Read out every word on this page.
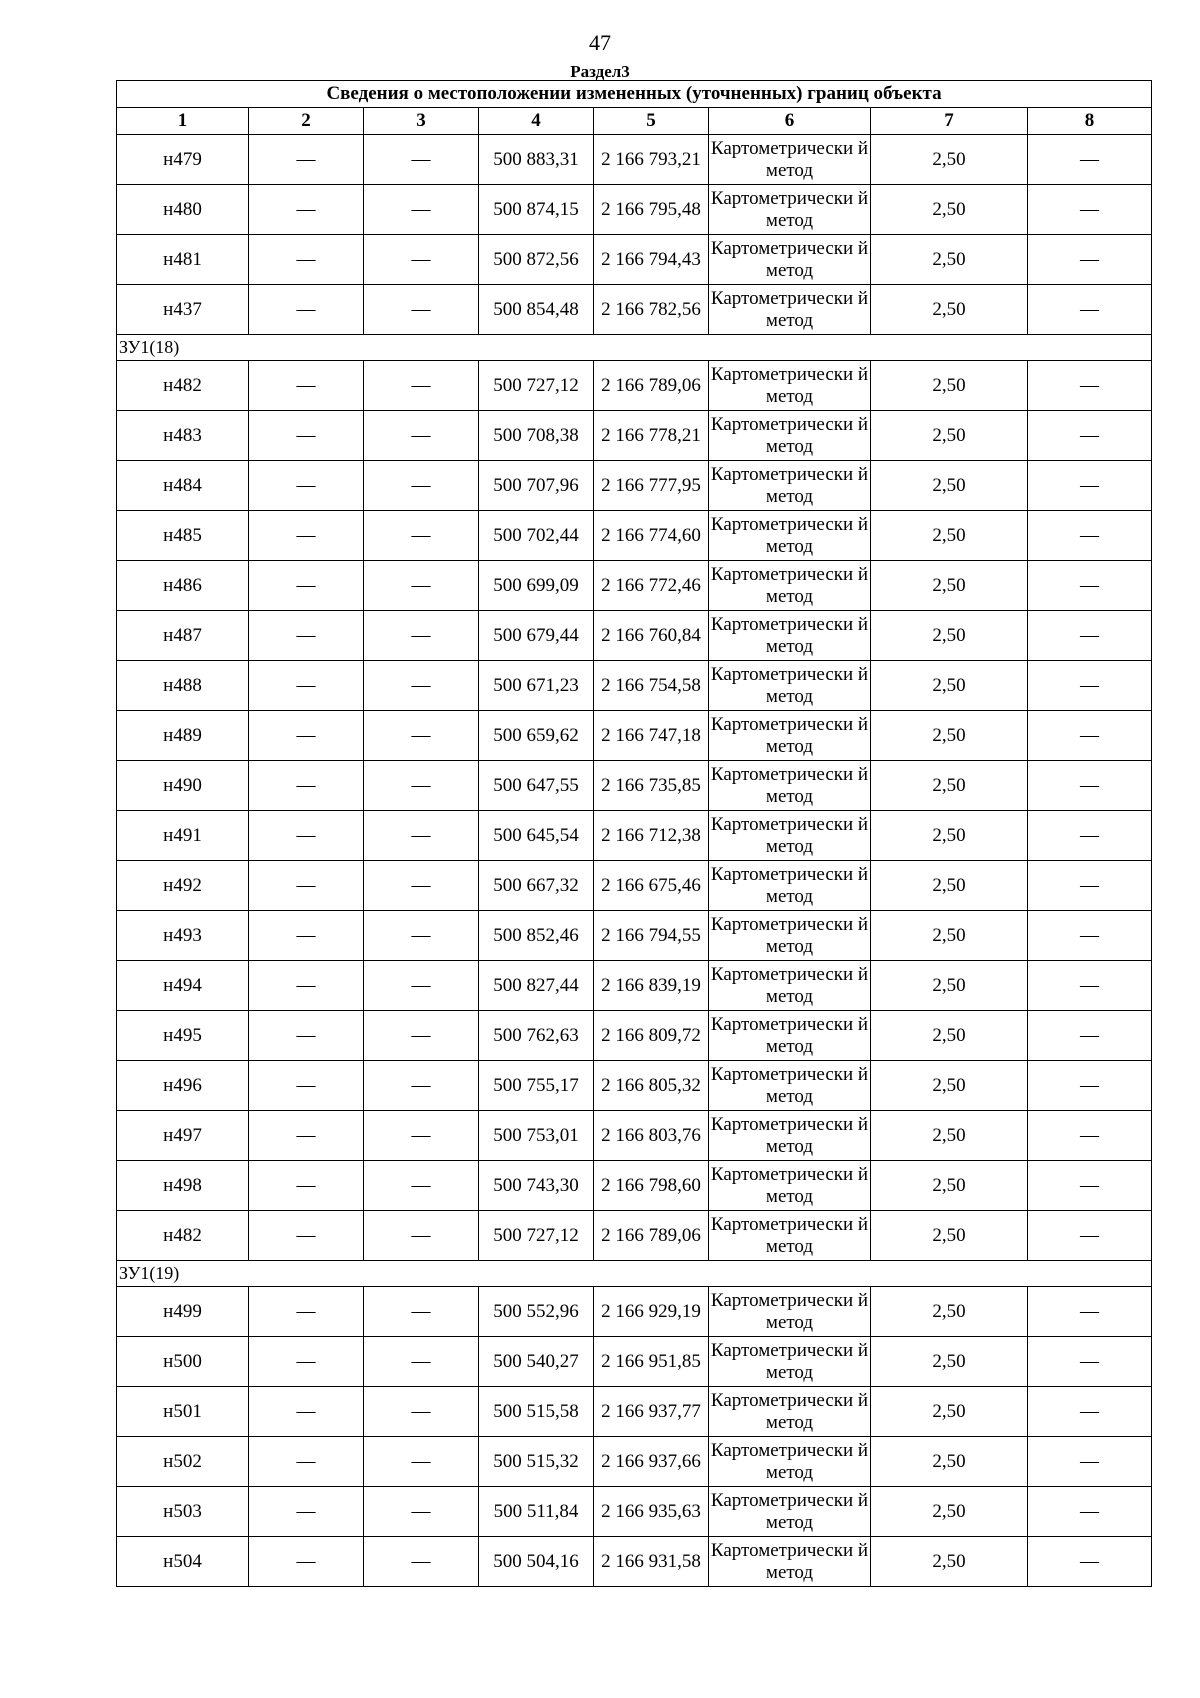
47
Раздел3
Сведения о местоположении измененных (уточненных) границ объекта							
1	2	3	4	5	6	7	8
н479	—	—	500 883,31	2 166 793,21	Картометрически й метод	2,50	—
н480	—	—	500 874,15	2 166 795,48	Картометрически й метод	2,50	—
н481	—	—	500 872,56	2 166 794,43	Картометрически й метод	2,50	—
н437	—	—	500 854,48	2 166 782,56	Картометрически й метод	2,50	—
ЗУ1(18)							
н482	—	—	500 727,12	2 166 789,06	Картометрически й метод	2,50	—
н483	—	—	500 708,38	2 166 778,21	Картометрически й метод	2,50	—
н484	—	—	500 707,96	2 166 777,95	Картометрически й метод	2,50	—
н485	—	—	500 702,44	2 166 774,60	Картометрически й метод	2,50	—
н486	—	—	500 699,09	2 166 772,46	Картометрически й метод	2,50	—
н487	—	—	500 679,44	2 166 760,84	Картометрически й метод	2,50	—
н488	—	—	500 671,23	2 166 754,58	Картометрически й метод	2,50	—
н489	—	—	500 659,62	2 166 747,18	Картометрически й метод	2,50	—
н490	—	—	500 647,55	2 166 735,85	Картометрически й метод	2,50	—
н491	—	—	500 645,54	2 166 712,38	Картометрически й метод	2,50	—
н492	—	—	500 667,32	2 166 675,46	Картометрически й метод	2,50	—
н493	—	—	500 852,46	2 166 794,55	Картометрически й метод	2,50	—
н494	—	—	500 827,44	2 166 839,19	Картометрически й метод	2,50	—
н495	—	—	500 762,63	2 166 809,72	Картометрически й метод	2,50	—
н496	—	—	500 755,17	2 166 805,32	Картометрически й метод	2,50	—
н497	—	—	500 753,01	2 166 803,76	Картометрически й метод	2,50	—
н498	—	—	500 743,30	2 166 798,60	Картометрически й метод	2,50	—
н482	—	—	500 727,12	2 166 789,06	Картометрически й метод	2,50	—
ЗУ1(19)							
н499	—	—	500 552,96	2 166 929,19	Картометрически й метод	2,50	—
н500	—	—	500 540,27	2 166 951,85	Картометрически й метод	2,50	—
н501	—	—	500 515,58	2 166 937,77	Картометрически й метод	2,50	—
н502	—	—	500 515,32	2 166 937,66	Картометрически й метод	2,50	—
н503	—	—	500 511,84	2 166 935,63	Картометрически й метод	2,50	—
н504	—	—	500 504,16	2 166 931,58	Картометрически й метод	2,50	—
